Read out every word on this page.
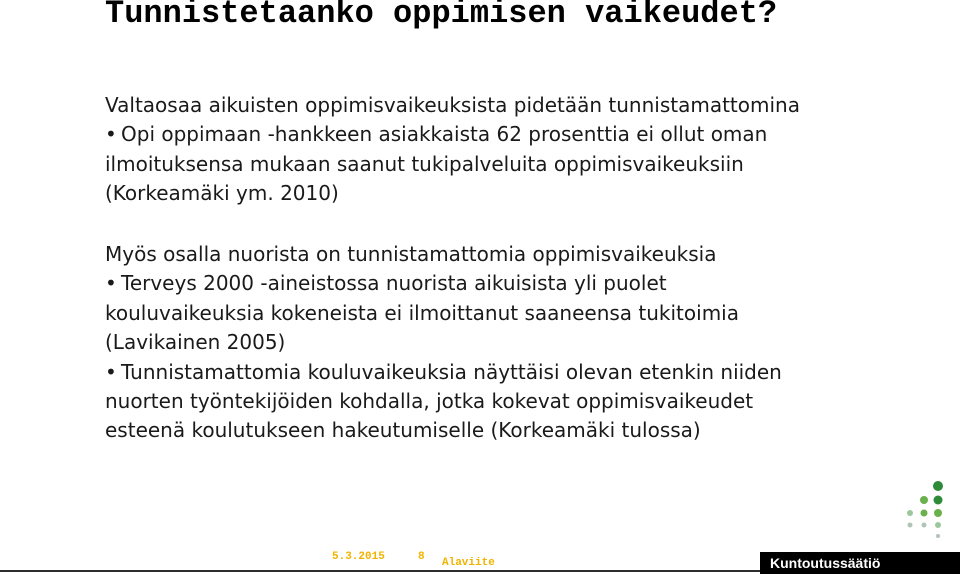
Tunnistetaanko oppimisen vaikeudet?

Valtaosaa aikuisten oppimisvaikeuksista pidetään tunnistamattomina

• Opi oppimaan -hankkeen asiakkaista 62 prosenttia ei ollut oman

ilmoituksensa mukaan saanut tukipalveluita oppimisvaikeuksiin

(Korkeamäki ym. 2010)

Myös osalla nuorista on tunnistamattomia oppimisvaikeuksia

• Terveys 2000 -aineistossa nuorista aikuisista yli puolet

kouluvaikeuksia kokeneista ei ilmoittanut saaneensa tukitoimia

(Lavikainen 2005)

• Tunnistamattomia kouluvaikeuksia näyttäisi olevan etenkin niiden

nuorten työntekijöiden kohdalla, jotka kokevat oppimisvaikeudet

esteenä koulutukseen hakeutumiselle (Korkeamäki tulossa)

5.3.2015	8 Alaviite	Kuntoutussäätiö
